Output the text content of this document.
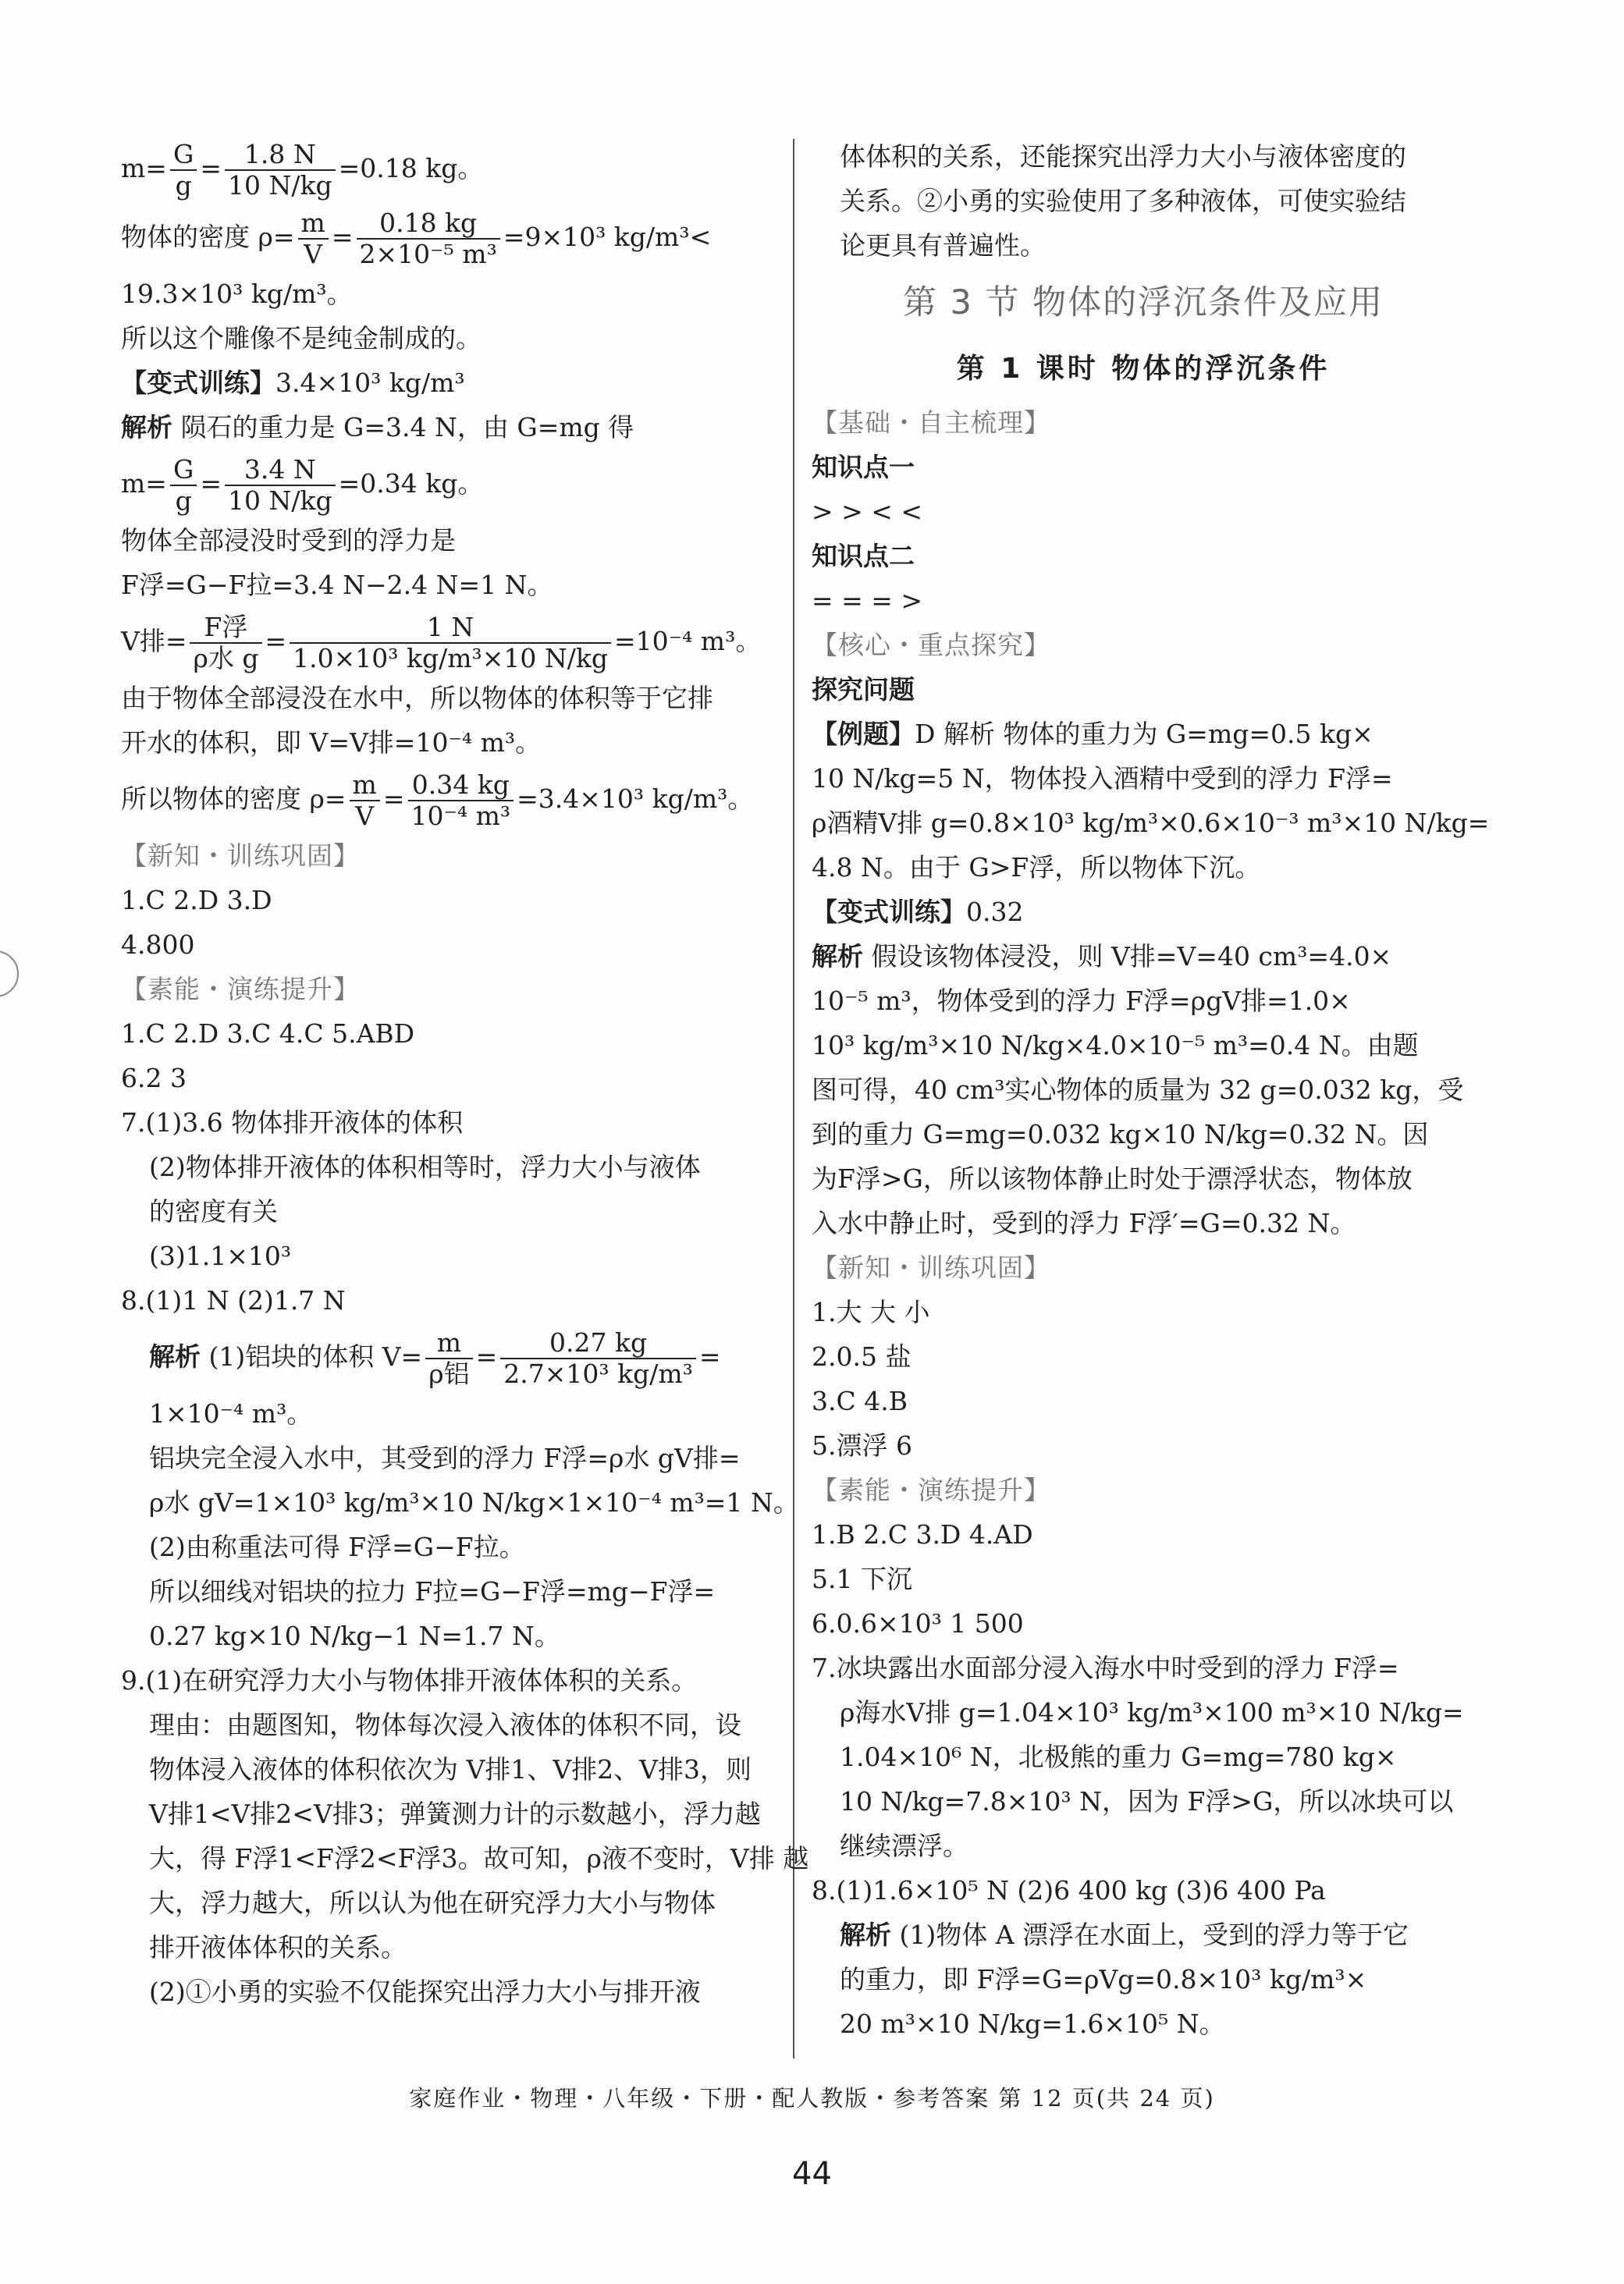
$m= \frac{G}{g} = \frac{1.8 N}{10 N/kg} =0.18$ kg。
物体的密度 $\rho= \frac{m}{V} = \frac{0.18 kg}{\text{2×10⁻⁵ m³}} =9\times 10^3$ kg/m³<
19.3×10³ kg/m³。
所以这个雕像不是纯金制成的。
【变式训练】3.4×10³ kg/m³
解析 陨石的重力是 G=3.4 N，由 G=mg 得
$m= \frac{G}{g} = \frac{3.4 N}{10 N/kg} =0.34$ kg。
物体全部浸没时受到的浮力是
F浮=G−F拉=3.4 N−2.4 N=1 N。
V排= $\frac{\text{F浮}}{\text{ρ水 g}} = \frac{1 N}{\text{1.0×10³ kg/m³×10 N/kg}} =10^{-4}$ m³。
由于物体全部浸没在水中，所以物体的体积等于它排
开水的体积，即 V=V排=10⁻⁴ m³。
所以物体的密度 $\rho= \frac{m}{V} = \frac{0.34 kg}{\text{10⁻⁴ m³}} =3.4\times 10^3$ kg/m³。
【新知・训练巩固】
1.C 2.D 3.D
4.800
【素能・演练提升】
1.C 2.D 3.C 4.C 5.ABD
6.2 3
7.(1)3.6 物体排开液体的体积
(2)物体排开液体的体积相等时，浮力大小与液体
的密度有关
(3)1.1×10³
8.(1)1 N (2)1.7 N
解析 (1)铝块的体积 $V= \frac{m}{\text{ρ铝}} = \frac{0.27 kg}{\text{2.7×10³ kg/m³}}$ =
1×10⁻⁴ m³。
铝块完全浸入水中，其受到的浮力 F浮=ρ水 gV排=
ρ水 gV=1×10³ kg/m³×10 N/kg×1×10⁻⁴ m³=1 N。
(2)由称重法可得 F浮=G−F拉。
所以细线对铝块的拉力 F拉=G−F浮=mg−F浮=
0.27 kg×10 N/kg−1 N=1.7 N。
9.(1)在研究浮力大小与物体排开液体体积的关系。
理由：由题图知，物体每次浸入液体的体积不同，设
物体浸入液体的体积依次为 V排1、V排2、V排3，则
V排1<V排2<V排3；弹簧测力计的示数越小，浮力越
大，得 F浮1<F浮2<F浮3。故可知，ρ液不变时，V排 越
大，浮力越大，所以认为他在研究浮力大小与物体
排开液体体积的关系。
(2)①小勇的实验不仅能探究出浮力大小与排开液
体体积的关系，还能探究出浮力大小与液体密度的
关系。②小勇的实验使用了多种液体，可使实验结
论更具有普遍性。
第 3 节 物体的浮沉条件及应用
第 1 课时 物体的浮沉条件
【基础・自主梳理】
知识点一
> > < <
知识点二
= = = >
【核心・重点探究】
探究问题
【例题】D 解析 物体的重力为 G=mg=0.5 kg×
10 N/kg=5 N，物体投入酒精中受到的浮力 F浮=
ρ酒精V排 g=0.8×10³ kg/m³×0.6×10⁻³ m³×10 N/kg=
4.8 N。由于 G>F浮，所以物体下沉。
【变式训练】0.32
解析 假设该物体浸没，则 V排=V=40 cm³=4.0×
10⁻⁵ m³，物体受到的浮力 F浮=ρgV排=1.0×
10³ kg/m³×10 N/kg×4.0×10⁻⁵ m³=0.4 N。由题
图可得，40 cm³实心物体的质量为 32 g=0.032 kg，受
到的重力 G=mg=0.032 kg×10 N/kg=0.32 N。因
为F浮>G，所以该物体静止时处于漂浮状态，物体放
入水中静止时，受到的浮力 F浮′=G=0.32 N。
【新知・训练巩固】
1.大 大 小
2.0.5 盐
3.C 4.B
5.漂浮 6
【素能・演练提升】
1.B 2.C 3.D 4.AD
5.1 下沉
6.0.6×10³ 1 500
7.冰块露出水面部分浸入海水中时受到的浮力 F浮=
ρ海水V排 g=1.04×10³ kg/m³×100 m³×10 N/kg=
1.04×10⁶ N，北极熊的重力 G=mg=780 kg×
10 N/kg=7.8×10³ N，因为 F浮>G，所以冰块可以
继续漂浮。
8.(1)1.6×10⁵ N (2)6 400 kg (3)6 400 Pa
解析 (1)物体 A 漂浮在水面上，受到的浮力等于它
的重力，即 F浮=G=ρVg=0.8×10³ kg/m³×
20 m³×10 N/kg=1.6×10⁵ N。
家庭作业・物理・八年级・下册・配人教版・参考答案 第 12 页(共 24 页)
44
